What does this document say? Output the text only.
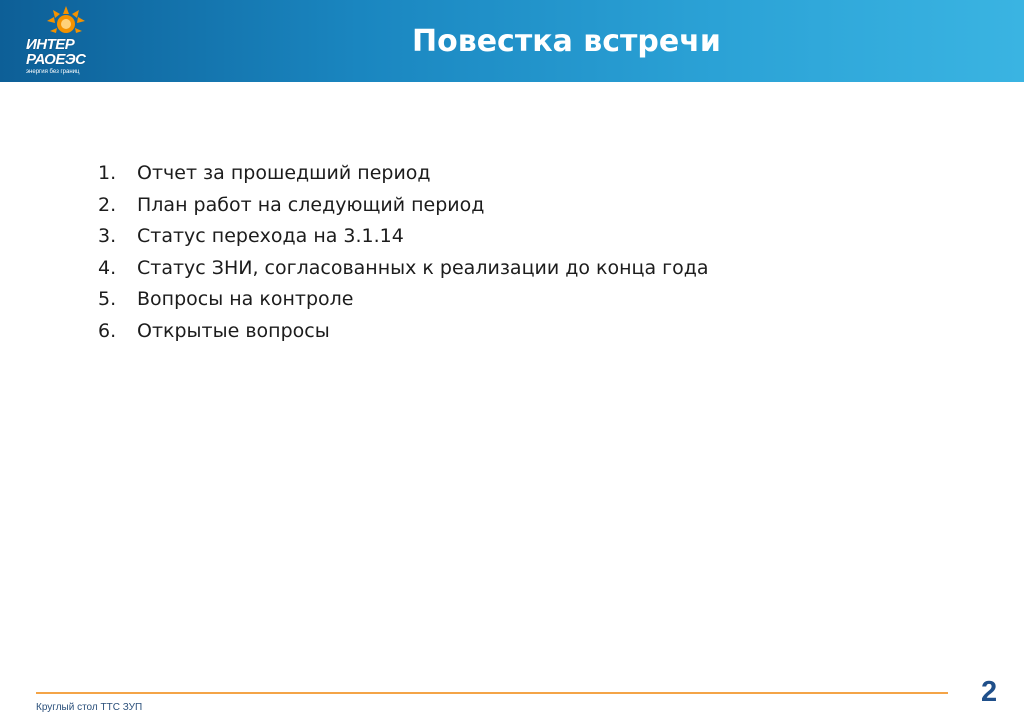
ИНТЕР
РАОЕЭС
энергия без границ
Повестка встречи
1. Отчет за прошедший период
2. План работ на следующий период
3. Статус перехода на 3.1.14
4. Статус ЗНИ, согласованных к реализации до конца года
5. Вопросы на контроле
6. Открытые вопросы
Круглый стол ТТС ЗУП	2
